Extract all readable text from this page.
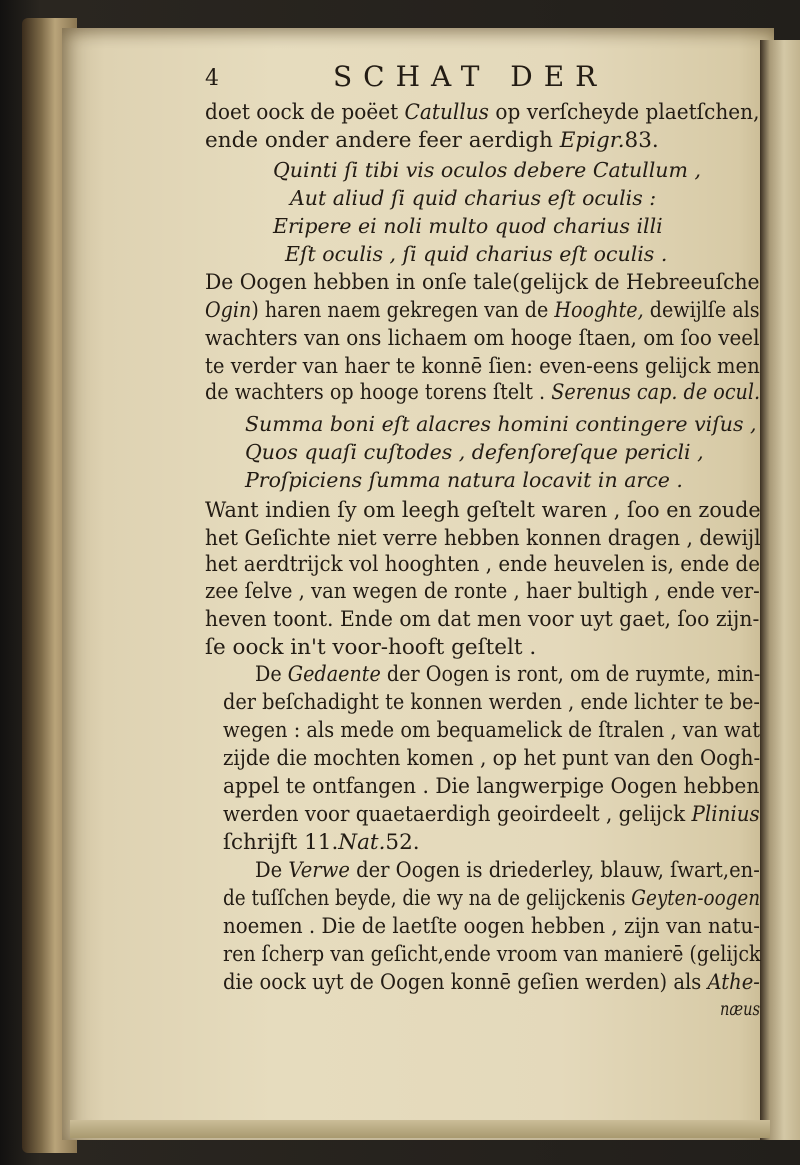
4	SCHAT DER
doet oock de poëet Catullus op verſcheyde plaetſchen,
ende onder andere feer aerdigh Epigr.83.
Quinti ſi tibi vis oculos debere Catullum ,
Aut aliud ſi quid charius eſt oculis :
Eripere ei noli multo quod charius illi
Eſt oculis , ſi quid charius eſt oculis .
De Oogen hebben in onſe tale(gelijck de Hebreeuſche
Ogin) haren naem gekregen van de Hooghte, dewijlſe als
wachters van ons lichaem om hooge ſtaen, om ſoo veel
te verder van haer te konnē ſien: even-eens gelijck men
de wachters op hooge torens ſtelt . Serenus cap. de ocul.
Summa boni eſt alacres homini contingere viſus ,
Quos quaſi cuſtodes , defenſoreſque pericli ,
Proſpiciens ſumma natura locavit in arce .
Want indien ſy om leegh geſtelt waren , ſoo en zoude
het Geſichte niet verre hebben konnen dragen , dewijl
het aerdtrijck vol hooghten , ende heuvelen is, ende de
zee ſelve , van wegen de ronte , haer bultigh , ende ver-
heven toont. Ende om dat men voor uyt gaet, ſoo zijn-
ſe oock in't voor-hooft geſtelt .
De Gedaente der Oogen is ront, om de ruymte, min-
der beſchadight te konnen werden , ende lichter te be-
wegen : als mede om bequamelick de ſtralen , van wat
zijde die mochten komen , op het punt van den Oogh-
appel te ontfangen . Die langwerpige Oogen hebben
werden voor quaetaerdigh geoirdeelt , gelijck Plinius
ſchrijft 11.Nat.52.
De Verwe der Oogen is driederley, blauw, ſwart,en-
de tuſſchen beyde, die wy na de gelijckenis Geyten-oogen
noemen . Die de laetſte oogen hebben , zijn van natu-
ren ſcherp van geſicht,ende vroom van manierē (gelijck
die oock uyt de Oogen konnē geſien werden) als Athe-
næus
